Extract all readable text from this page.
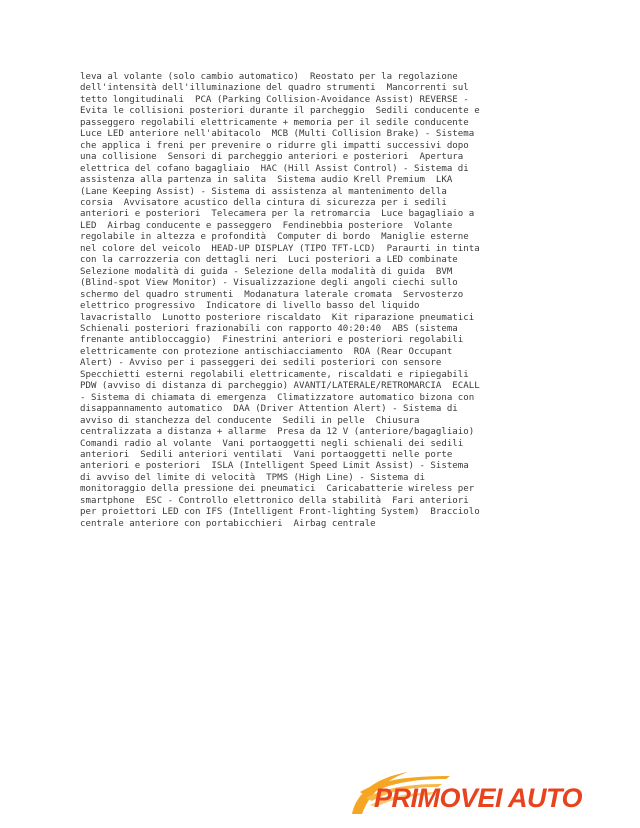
leva al volante (solo cambio automatico)  Reostato per la regolazione
dell'intensità dell'illuminazione del quadro strumenti  Mancorrenti sul
tetto longitudinali  PCA (Parking Collision-Avoidance Assist) REVERSE -
Evita le collisioni posteriori durante il parcheggio  Sedili conducente e
passeggero regolabili elettricamente + memoria per il sedile conducente
Luce LED anteriore nell'abitacolo  MCB (Multi Collision Brake) - Sistema
che applica i freni per prevenire o ridurre gli impatti successivi dopo
una collisione  Sensori di parcheggio anteriori e posteriori  Apertura
elettrica del cofano bagagliaio  HAC (Hill Assist Control) - Sistema di
assistenza alla partenza in salita  Sistema audio Krell Premium  LKA
(Lane Keeping Assist) - Sistema di assistenza al mantenimento della
corsia  Avvisatore acustico della cintura di sicurezza per i sedili
anteriori e posteriori  Telecamera per la retromarcia  Luce bagagliaio a
LED  Airbag conducente e passeggero  Fendinebbia posteriore  Volante
regolabile in altezza e profondità  Computer di bordo  Maniglie esterne
nel colore del veicolo  HEAD-UP DISPLAY (TIPO TFT-LCD)  Paraurti in tinta
con la carrozzeria con dettagli neri  Luci posteriori a LED combinate
Selezione modalità di guida - Selezione della modalità di guida  BVM
(Blind-spot View Monitor) - Visualizzazione degli angoli ciechi sullo
schermo del quadro strumenti  Modanatura laterale cromata  Servosterzo
elettrico progressivo  Indicatore di livello basso del liquido
lavacristallo  Lunotto posteriore riscaldato  Kit riparazione pneumatici
Schienali posteriori frazionabili con rapporto 40:20:40  ABS (sistema
frenante antibloccaggio)  Finestrini anteriori e posteriori regolabili
elettricamente con protezione antischiacciamento  ROA (Rear Occupant
Alert) - Avviso per i passeggeri dei sedili posteriori con sensore
Specchietti esterni regolabili elettricamente, riscaldati e ripiegabili
PDW (avviso di distanza di parcheggio) AVANTI/LATERALE/RETROMARCIA  ECALL
- Sistema di chiamata di emergenza  Climatizzatore automatico bizona con
disappannamento automatico  DAA (Driver Attention Alert) - Sistema di
avviso di stanchezza del conducente  Sedili in pelle  Chiusura
centralizzata a distanza + allarme  Presa da 12 V (anteriore/bagagliaio)
Comandi radio al volante  Vani portaoggetti negli schienali dei sedili
anteriori  Sedili anteriori ventilati  Vani portaoggetti nelle porte
anteriori e posteriori  ISLA (Intelligent Speed Limit Assist) - Sistema
di avviso del limite di velocità  TPMS (High Line) - Sistema di
monitoraggio della pressione dei pneumatici  Caricabatterie wireless per
smartphone  ESC - Controllo elettronico della stabilità  Fari anteriori
per proiettori LED con IFS (Intelligent Front-lighting System)  Bracciolo
centrale anteriore con portabicchieri  Airbag centrale
PRIMOVEI AUTO
